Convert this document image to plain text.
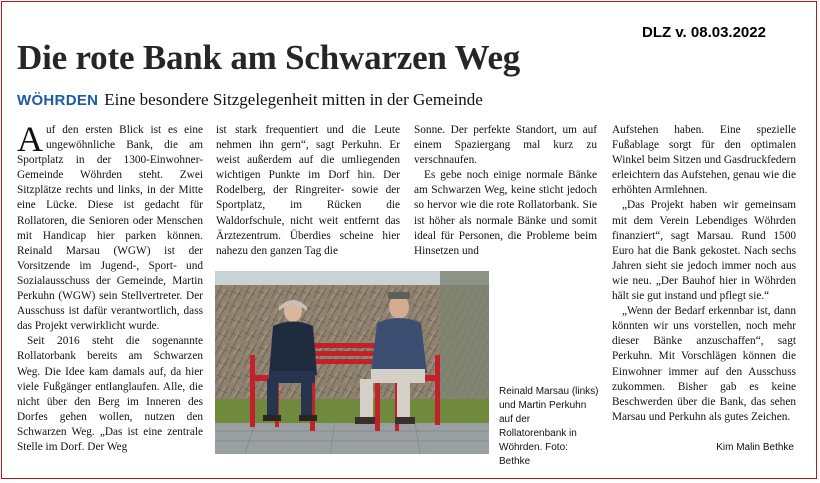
DLZ v. 08.03.2022
Die rote Bank am Schwarzen Weg
WÖHRDEN Eine besondere Sitzgelegenheit mitten in der Gemeinde

Auf den ersten Blick ist es eine ungewöhnliche Bank, die am Sportplatz in der 1300-Einwohner-Gemeinde Wöhrden steht. Zwei Sitzplätze rechts und links, in der Mitte eine Lücke. Diese ist gedacht für Rollatoren, die Senioren oder Menschen mit Handicap hier parken können. Reinald Marsau (WGW) ist der Vorsitzende im Jugend-, Sport- und Sozialausschuss der Gemeinde, Martin Perkuhn (WGW) sein Stellvertreter. Der Ausschuss ist dafür verantwortlich, dass das Projekt verwirklicht wurde.

Seit 2016 steht die sogenannte Rollatorbank bereits am Schwarzen Weg. Die Idee kam damals auf, da hier viele Fußgänger entlanglaufen. Alle, die nicht über den Berg im Inneren des Dorfes gehen wollen, nutzen den Schwarzen Weg. „Das ist eine zentrale Stelle im Dorf. Der Weg

ist stark frequentiert und die Leute nehmen ihn gern“, sagt Perkuhn. Er weist außerdem auf die umliegenden wichtigen Punkte im Dorf hin. Der Rodelberg, der Ringreiter- sowie der Sportplatz, im Rücken die Waldorfschule, nicht weit entfernt das Ärztezentrum. Überdies scheine hier nahezu den ganzen Tag die

Sonne. Der perfekte Standort, um auf einem Spaziergang mal kurz zu verschnaufen.

Es gebe noch einige normale Bänke am Schwarzen Weg, keine sticht jedoch so hervor wie die rote Rollatorbank. Sie ist höher als normale Bänke und somit ideal für Personen, die Probleme beim Hinsetzen und

Aufstehen haben. Eine spezielle Fußablage sorgt für den optimalen Winkel beim Sitzen und Gasdruckfedern erleichtern das Aufstehen, genau wie die erhöhten Armlehnen.

„Das Projekt haben wir gemeinsam mit dem Verein Lebendiges Wöhrden finanziert“, sagt Marsau. Rund 1500 Euro hat die Bank gekostet. Nach sechs Jahren sieht sie jedoch immer noch aus wie neu. „Der Bauhof hier in Wöhrden hält sie gut instand und pflegt sie.“

„Wenn der Bedarf erkennbar ist, dann könnten wir uns vorstellen, noch mehr dieser Bänke anzuschaffen“, sagt Perkuhn. Mit Vorschlägen können die Einwohner immer auf den Ausschuss zukommen. Bisher gab es keine Beschwerden über die Bank, das sehen Marsau und Perkuhn als gutes Zeichen.

Reinald Marsau (links) und Martin Perkuhn auf der Rollatorenbank in Wöhrden. Foto: Bethke
Kim Malin Bethke
